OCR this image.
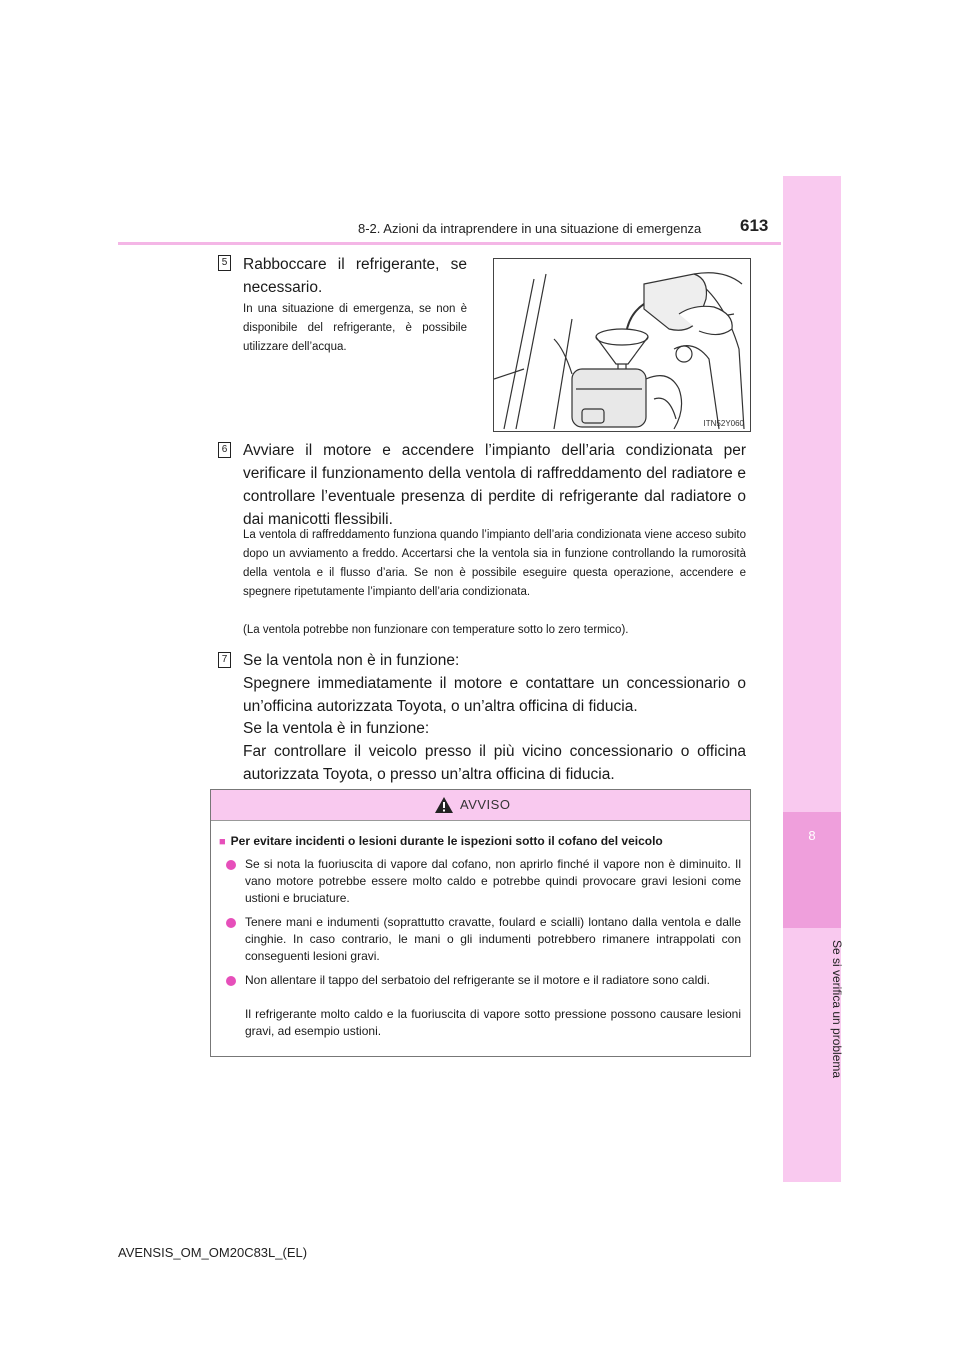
8
Se si verifica un problema
8-2. Azioni da intraprendere in una situazione di emergenza 613
5 Rabboccare il refrigerante, se necessario.

In una situazione di emergenza, se non è disponibile del refrigerante, è possibile utilizzare dell’acqua.

ITN52Y060
6 Avviare il motore e accendere l’impianto dell’aria condizionata per verificare il funzionamento della ventola di raffreddamento del radiatore e controllare l’eventuale presenza di perdite di refrigerante dal radiatore o dai manicotti flessibili.

La ventola di raffreddamento funziona quando l’impianto dell’aria condizionata viene acceso subito dopo un avviamento a freddo. Accertarsi che la ventola sia in funzione controllando la rumorosità della ventola e il flusso d’aria. Se non è possibile eseguire questa operazione, accendere e spegnere ripetutamente l’impianto dell’aria condizionata.

(La ventola potrebbe non funzionare con temperature sotto lo zero termico).

7 Se la ventola non è in funzione:

Spegnere immediatamente il motore e contattare un concessionario o un’officina autorizzata Toyota, o un’altra officina di fiducia.

Se la ventola è in funzione:

Far controllare il veicolo presso il più vicino concessionario o officina autorizzata Toyota, o presso un’altra officina di fiducia.

AVVISO
■ Per evitare incidenti o lesioni durante le ispezioni sotto il cofano del veicolo

Se si nota la fuoriuscita di vapore dal cofano, non aprirlo finché il vapore non è diminuito. Il vano motore potrebbe essere molto caldo e potrebbe quindi provocare gravi lesioni come ustioni e bruciature.

Tenere mani e indumenti (soprattutto cravatte, foulard e scialli) lontano dalla ventola e dalle cinghie. In caso contrario, le mani o gli indumenti potrebbero rimanere intrappolati con conseguenti lesioni gravi.

Non allentare il tappo del serbatoio del refrigerante se il motore e il radiatore sono caldi.

Il refrigerante molto caldo e la fuoriuscita di vapore sotto pressione possono causare lesioni gravi, ad esempio ustioni.

AVENSIS_OM_OM20C83L_(EL)
